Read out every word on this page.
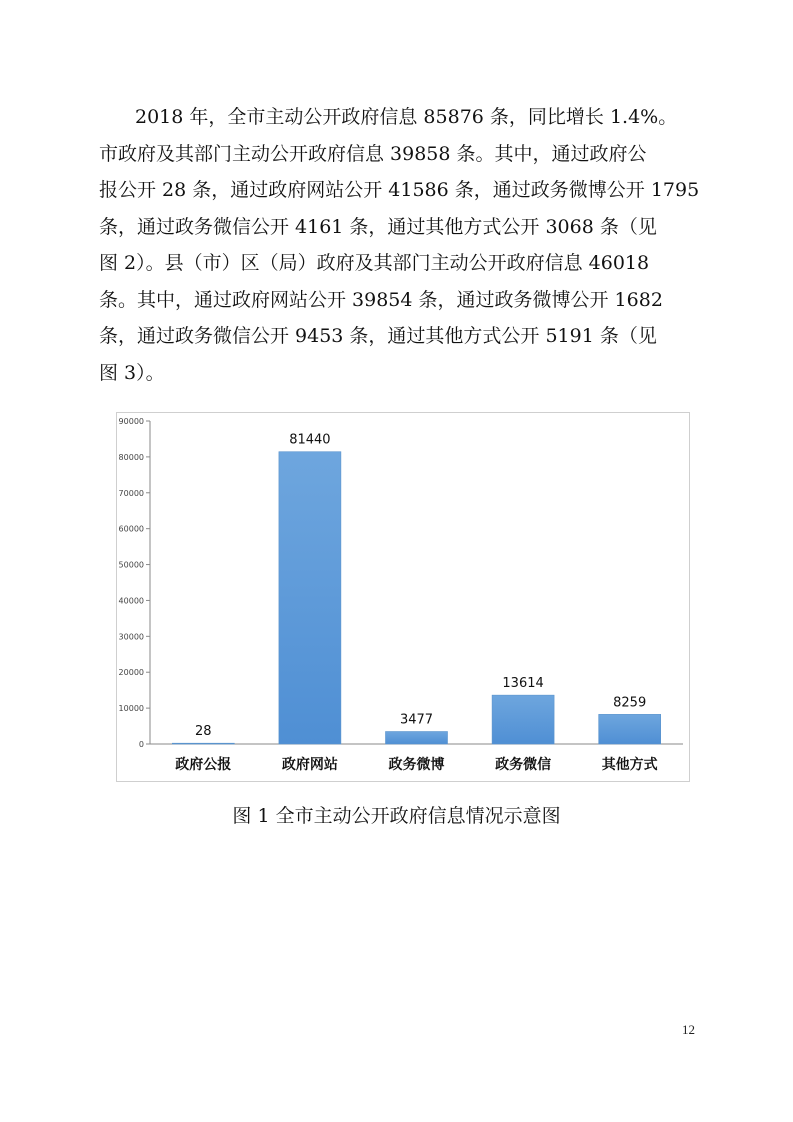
2018 年，全市主动公开政府信息 85876 条，同比增长 1.4%。
市政府及其部门主动公开政府信息 39858 条。其中，通过政府公
报公开 28 条，通过政府网站公开 41586 条，通过政务微博公开 1795
条，通过政务微信公开 4161 条，通过其他方式公开 3068 条（见
图 2）。县（市）区（局）政府及其部门主动公开政府信息 46018
条。其中，通过政府网站公开 39854 条，通过政务微博公开 1682
条，通过政务微信公开 9453 条，通过其他方式公开 5191 条（见
图 3）。
0
10000
20000
30000
40000
50000
60000
70000
80000
90000
28
政府公报
81440
政府网站
3477
政务微博
13614
政务微信
8259
其他方式
图 1 全市主动公开政府信息情况示意图
12
